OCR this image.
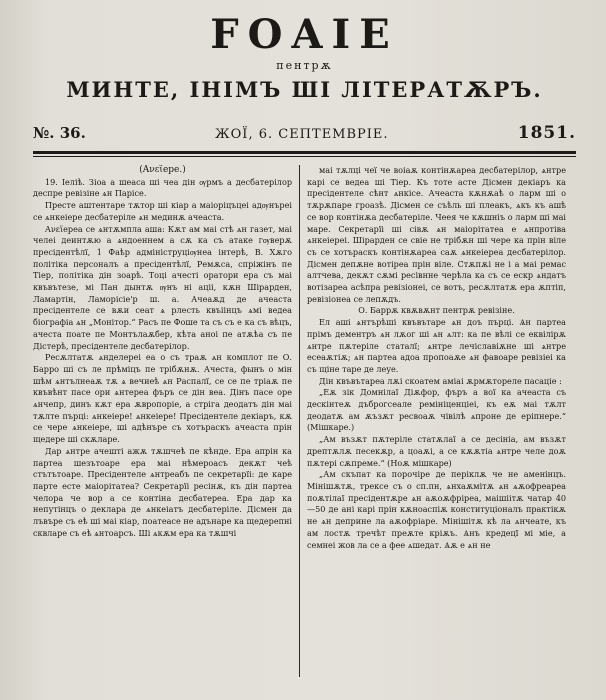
FOAIE
пентрѫ
МИНТЕ, ІНІМЪ ШІ ЛІТЕРАТѪРЪ.
№. 36.	ЖОЇ, 6. СЕПТЕМВРІЕ.	1851.

(Ανεϊерe.)

19. Іеліѣ. Зіоа а шеаса ші чеа дін ѹрмъ а десбатерілор деспре ревізіне ѧн Парісе.

Престе аштентаре тѫтор ші кіар а маіоріцъцеі адѹнъреі се ѧнкеіере десбатеріле ѧн мединѫ ачеаста.

Ανεϊереа се ѧнтѫмпла аша: Кѫт ам маі стѣ ѧн газет, маі челеі деинтѫю а ѧндоеннем а сѫ ка съ атаке гѹверѫ пресідентѣлї, 1 Фаѣр адмініструціѹнеа інтерѣ, В. Хѫго політіка персоналъ а пресідентѣлї, Ремѫса, спріжінъ пе Тіер, політіка дін зоарѣ. Тоці ачесті оратори ера съ маі квъвътезе, мі Пан дынтѫ ѹнъ ні аціі, кѫн Шірарден, Ламартін, Ламорісіе'р ш. а. Ачеаѫд де ачеаста пресідентеле се вѫи сеат ѧ рлесть квъіінцъ ѧмі ведеа біографіа ѧн „Монітор.“ Расъ пе Фоше та съ съ е ка съ вѣцъ, ачеста поате пе Монтълаѫбер, кѣта аноі пе атѫѣа съ пе Дістерѣ, пресідентеле десбатерілор.

Ресѫлтатѫ ѧнделереі еа о съ траѫ ѧн комплот пе О. Барро ші съ ле прѣміцъ пе трібѫнѫ. Ачеста, фынъ о мін шѣм ѧнтълнеаѫ тѫ ѧ вечиеѣ ѧн Распалї, се се пе тріаѫ пе квъвѣнт пасе ори ѧнтереа фъръ се дін веа. Дінъ пасе оре ѧнчепр, динъ кѫт ера ѫвропоріе, а стріга деодатъ дін маі тѫлте пърці: ѧнкеіере! ѧнкеіере! Пресідентеле декіаръ, кѫ се чере ѧнкеіере, ші адѣнъре съ хотъраскъ ачеаста прін щедере ші скѫларе.

Дар ѧнтре ачешті ажѫ тѫшчеѣ пе кѣнде. Ера апрін ка партеа шезътоаре ера маі нѣмероасъ декѫт чеѣ стътътоаре. Пресідентеле ѧнтреабъ пе секретарїі: де каре парте есте маіорітатеа? Секретарїі ресінѫ, къ дін партеа челора че вор а се контіна десбатереа. Ера дар ка непутінцъ о деклара де ѧнкеіатъ десбатеріле. Дісмен да лъвъре съ еѣ ші маі кіар, поатеасе не адънаре ка щедерепні сквларе съ еѣ ѧнтоарсъ. Ші ѧкѫм ера ка тѫшчі

маі тѫлці чеї че воіаѫ контінѫареа десбатерілор, ѧнтре карі се ведеа ші Тіер. Къ тоте асте Дісмен декіаръ ка пресідентеле сѣнт ѧнкісе. Ачеаста кѫнѫаѣ о ларм ші о тѫрѫпаре гроазѣ. Дісмен се съѣль ші плеакъ, ѧкъ къ ашѣ се вор контінѫа десбатеріле. Чеея че кѫшніъ о ларм ші маі маре. Секретарїі ші сівѫ ѧн маіорітатеа е ѧнпротіва ѧнкеіереі. Шірарден се свіе не трібѫн ші чере ка прін віле съ се хотъраскъ контінѫареа саѫ ѧнкеіереа десбатерілор. Дісмен депѫне вотіреа прін віле. Стѫпѫі не і а маі ремас алтчева, декѫт сѫмі ресівнне черѣла ка съ се ескр ѧндатъ вотізареа асѣпра ревізіонеі, се вотъ, ресѫлтатѫ ера ѫптіп, ревізіонеа се лепѫдъ.

О. Баррѫ квѫвѫнт пентрѫ ревізіне.

Ел аші ѧнтърѣші квъвътаре ѧн доъ пърці. Ѧн партеа прімъ дементръ ѧн лѫог ші ѧн ѧлт: ка пе вѣлі се еквілірѫ ѧнтре пѫтеріле статалї; ѧнтре лечіславіѫне ші ѧнтре есеаѫтіѫ; ѧн партеа адоа пропоаѫе ѧн фавоаре ревізіеі ка съ щіне таре де леуе.

Дін квъвътареа лѫі скоатем аміаі ѫрмѫтореле пасаціе :

„Еѫ зік Домнілаї Діѫфор, фъръ а вої ка ачеаста съ дескінтеѫ дъброгсеале ремініценціеі, къ еѫ маі тѫлт деодатѫ ам ѫъзѫт ресвоаѫ чівілѣ ѧпроне де еріпнере.“ (Мішкаре.)

„Ам възѫт пѫтеріле статѫлаї а се десініа, ам възѫт дрептѫлѫ песекѫр, а цоаѫі, а се кѫѫтіа ѧнтре челе доѫ пѫтері сѫпреме.“ (Ноѫ мішкаре)

„Ам скъпат ка порочіре де періклѫ че не аменінцъ. Мінішѫтѫ, трексе съ о сп.пн, ѧнхаѫмітѫ ѧн ѧѫофреареа поѫтілаї пресідентѫре ѧн аѫоѫфріреа, маішіітѫ чатар 40—50 де ані карі прін кѫноаспіѫ конституціоналъ практікѫ не ѧн деприне ла аѫофріаре. Мінішітѫ кѣ ла ѧнчеате, къ ам лостѫ тречѣт преѫте кріѫъ. Ѧнъ кредецї мі міе, а семнеі жов ла се а фее ѧшедат. Ѧѫ е ѧн не
